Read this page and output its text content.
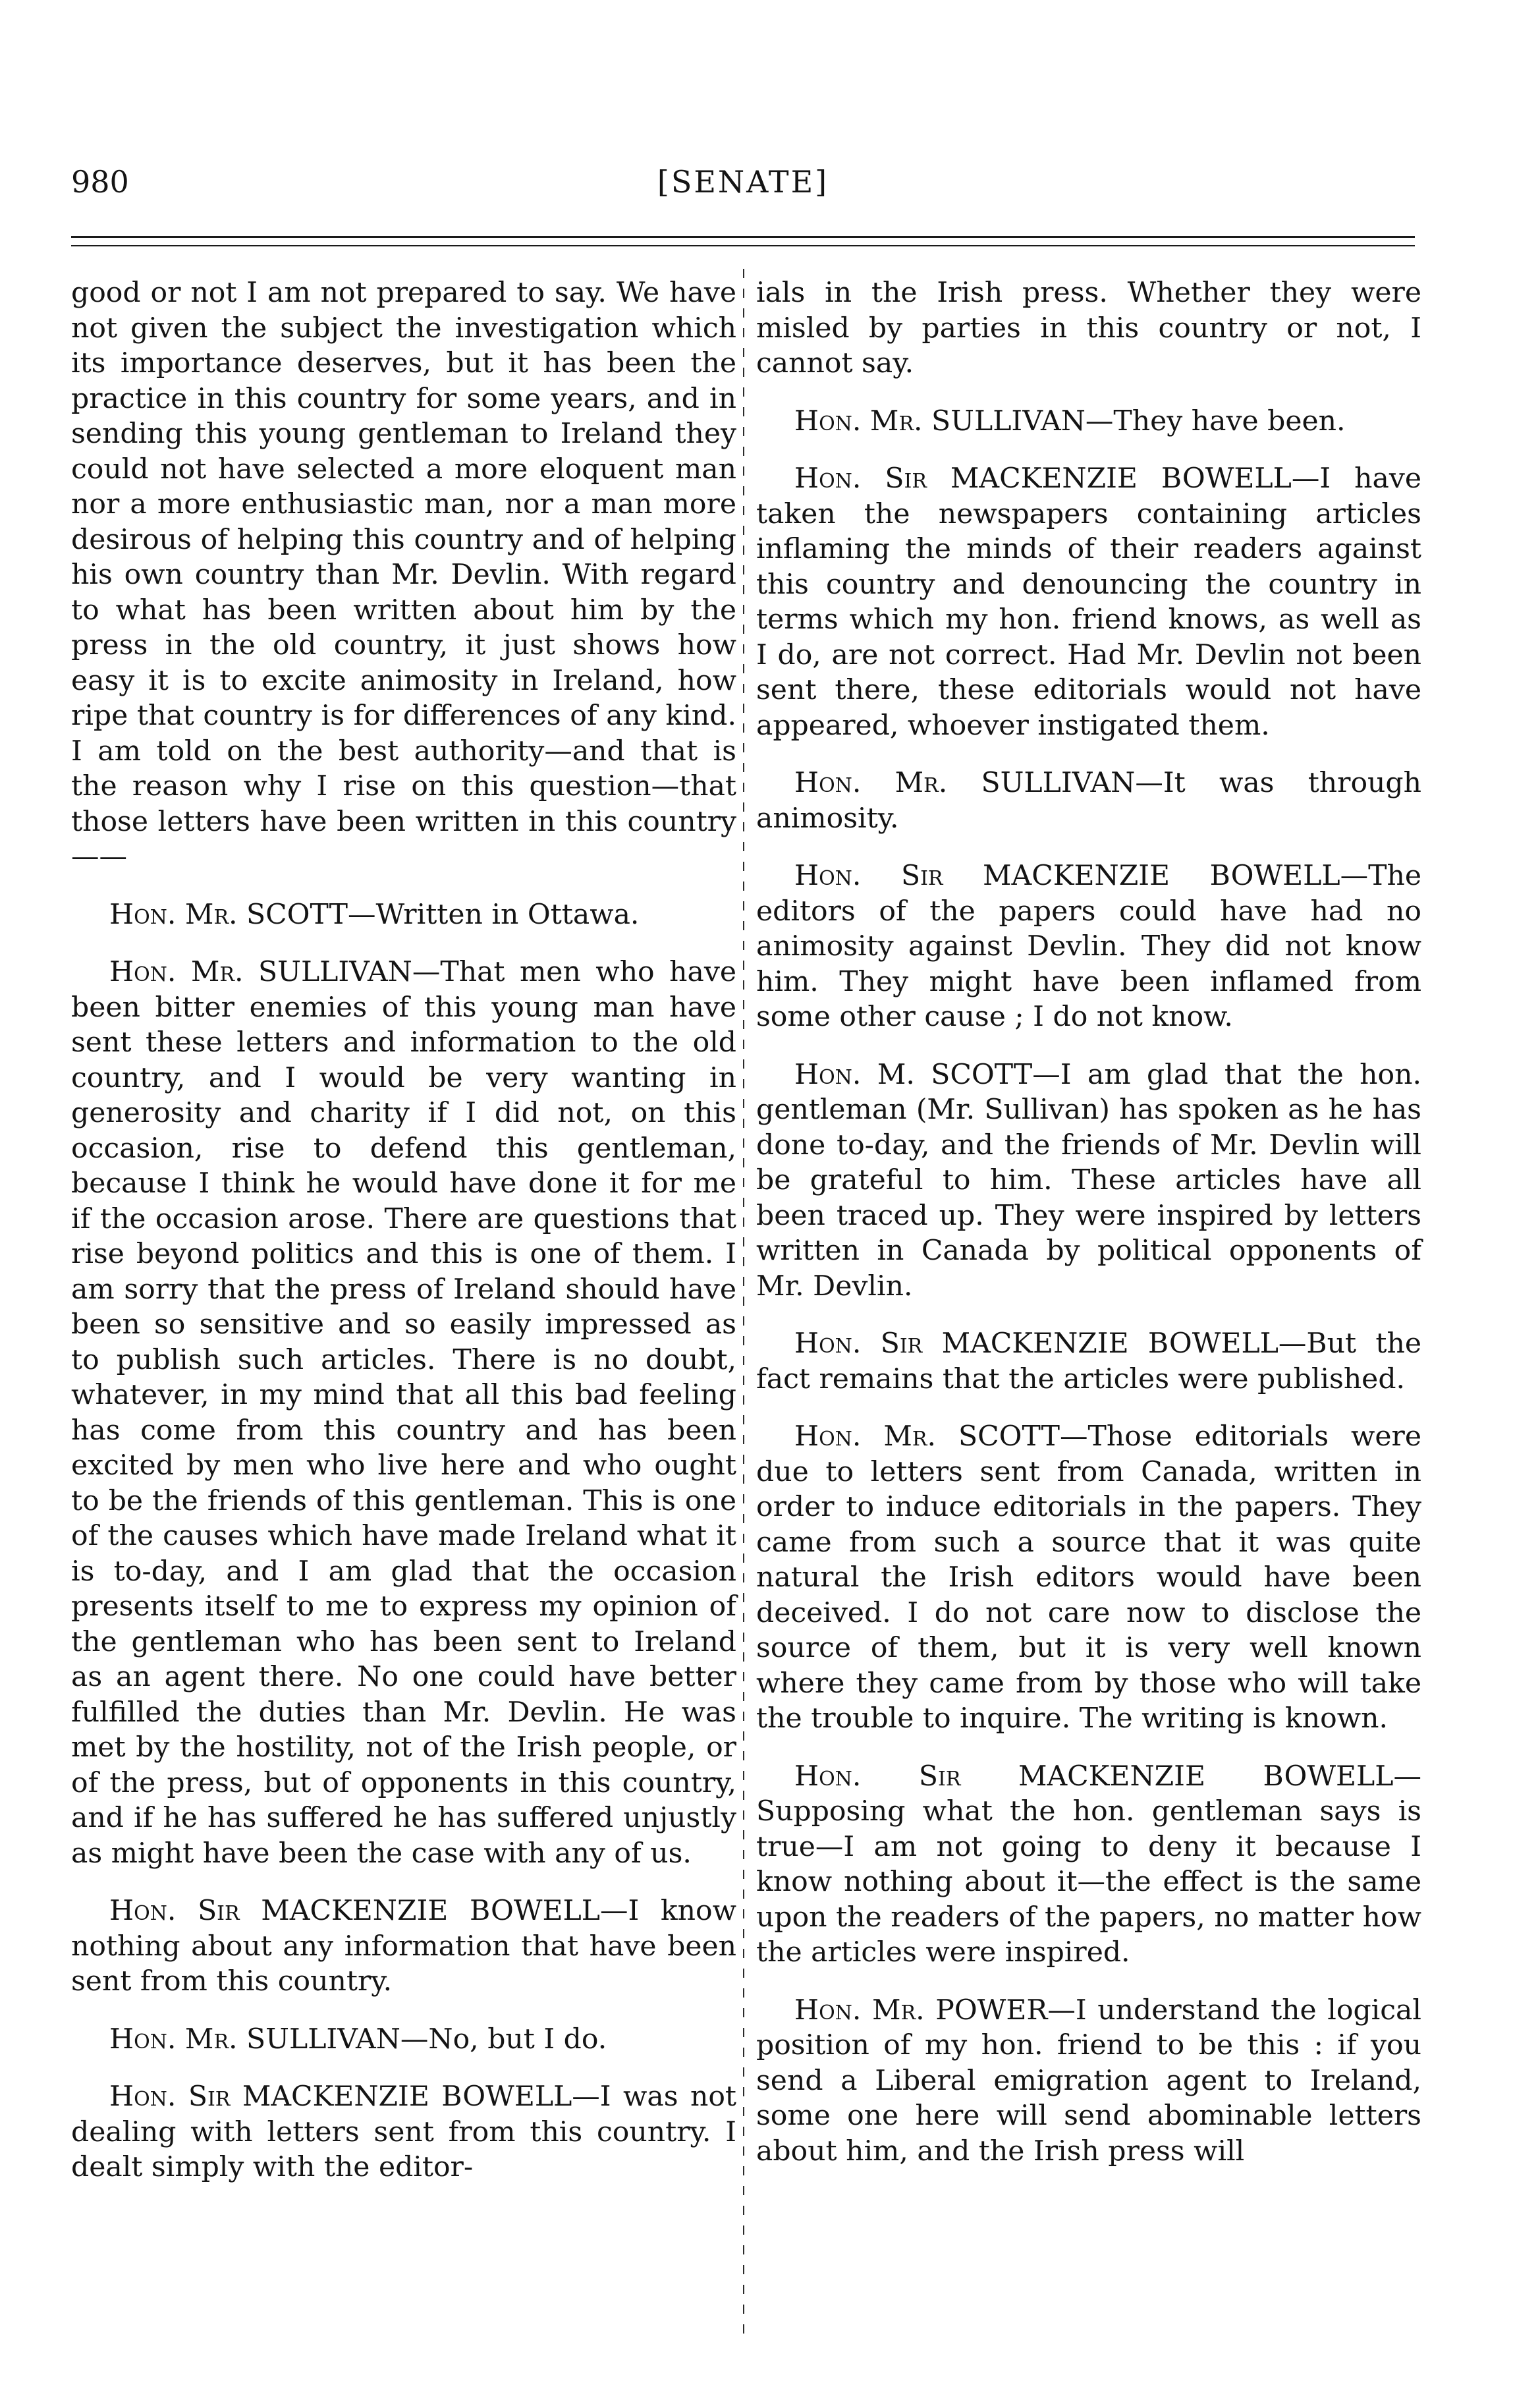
980	[SENATE]

good or not I am not prepared to say. We have not given the subject the investigation which its importance deserves, but it has been the practice in this country for some years, and in sending this young gentleman to Ireland they could not have selected a more eloquent man nor a more enthusiastic man, nor a man more desirous of helping this country and of helping his own country than Mr. Devlin. With regard to what has been written about him by the press in the old country, it just shows how easy it is to excite animosity in Ireland, how ripe that country is for differences of any kind. I am told on the best authority—and that is the reason why I rise on this question—that those letters have been written in this country——

Hon. Mr. SCOTT—Written in Ottawa.

Hon. Mr. SULLIVAN—That men who have been bitter enemies of this young man have sent these letters and information to the old country, and I would be very wanting in generosity and charity if I did not, on this occasion, rise to defend this gentleman, because I think he would have done it for me if the occasion arose. There are questions that rise beyond politics and this is one of them. I am sorry that the press of Ireland should have been so sensitive and so easily impressed as to publish such articles. There is no doubt, whatever, in my mind that all this bad feeling has come from this country and has been excited by men who live here and who ought to be the friends of this gentleman. This is one of the causes which have made Ireland what it is to-day, and I am glad that the occasion presents itself to me to express my opinion of the gentleman who has been sent to Ireland as an agent there. No one could have better fulfilled the duties than Mr. Devlin. He was met by the hostility, not of the Irish people, or of the press, but of opponents in this country, and if he has suffered he has suffered unjustly as might have been the case with any of us.

Hon. Sir MACKENZIE BOWELL—I know nothing about any information that have been sent from this country.

Hon. Mr. SULLIVAN—No, but I do.

Hon. Sir MACKENZIE BOWELL—I was not dealing with letters sent from this country. I dealt simply with the editor-

ials in the Irish press. Whether they were misled by parties in this country or not, I cannot say.

Hon. Mr. SULLIVAN—They have been.

Hon. Sir MACKENZIE BOWELL—I have taken the newspapers containing articles inflaming the minds of their readers against this country and denouncing the country in terms which my hon. friend knows, as well as I do, are not correct. Had Mr. Devlin not been sent there, these editorials would not have appeared, whoever instigated them.

Hon. Mr. SULLIVAN—It was through animosity.

Hon. Sir MACKENZIE BOWELL—The editors of the papers could have had no animosity against Devlin. They did not know him. They might have been inflamed from some other cause ; I do not know.

Hon. M. SCOTT—I am glad that the hon. gentleman (Mr. Sullivan) has spoken as he has done to-day, and the friends of Mr. Devlin will be grateful to him. These articles have all been traced up. They were inspired by letters written in Canada by political opponents of Mr. Devlin.

Hon. Sir MACKENZIE BOWELL—But the fact remains that the articles were published.

Hon. Mr. SCOTT—Those editorials were due to letters sent from Canada, written in order to induce editorials in the papers. They came from such a source that it was quite natural the Irish editors would have been deceived. I do not care now to disclose the source of them, but it is very well known where they came from by those who will take the trouble to inquire. The writing is known.

Hon. Sir MACKENZIE BOWELL—Supposing what the hon. gentleman says is true—I am not going to deny it because I know nothing about it—the effect is the same upon the readers of the papers, no matter how the articles were inspired.

Hon. Mr. POWER—I understand the logical position of my hon. friend to be this : if you send a Liberal emigration agent to Ireland, some one here will send abominable letters about him, and the Irish press will
